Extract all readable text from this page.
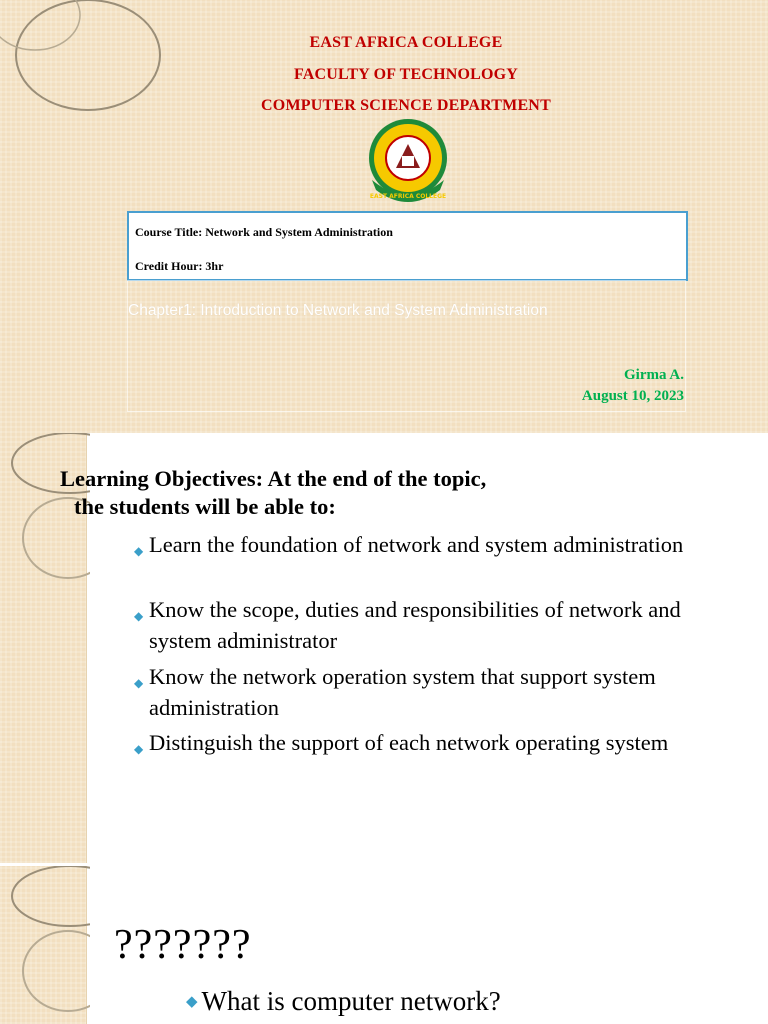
EAST AFRICA COLLEGE
FACULTY OF TECHNOLOGY
COMPUTER SCIENCE DEPARTMENT
EAST AFRICA COLLEGE
Course Title: Network and System Administration
Credit Hour: 3hr
Chapter1: Introduction to Network and System Administration
Girma A.
August 10, 2023
Learning Objectives: At the end of the topic,
the students will be able to:
◆ Learn the foundation of network and system administration
◆ Know the scope, duties and responsibilities of network and system administrator
◆ Know the network operation system that support system administration
◆ Distinguish the support of each network operating system
???????
◆ What is computer network?
